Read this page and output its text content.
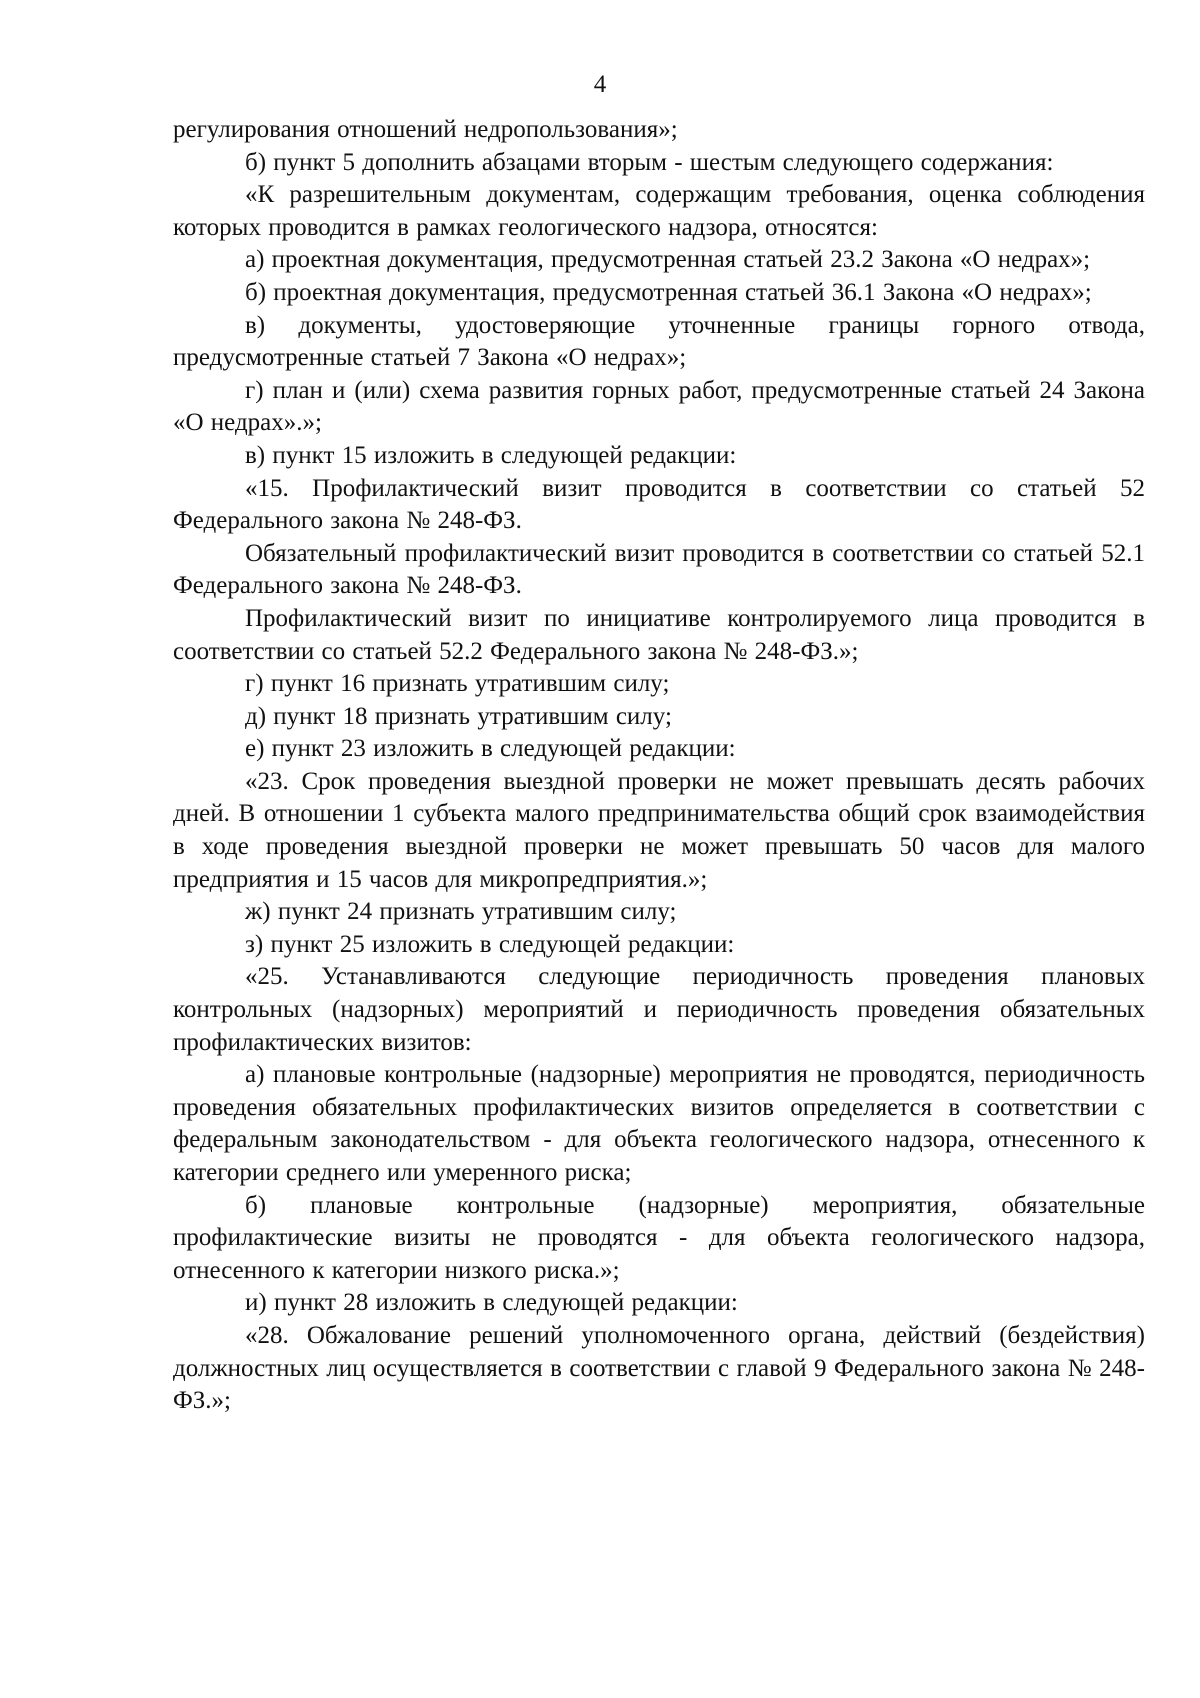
4

регулирования отношений недропользования»;

б) пункт 5 дополнить абзацами вторым - шестым следующего содержания:

«К разрешительным документам, содержащим требования, оценка соблюдения которых проводится в рамках геологического надзора, относятся:

а) проектная документация, предусмотренная статьей 23.2 Закона «О недрах»;

б) проектная документация, предусмотренная статьей 36.1 Закона «О недрах»;

в) документы, удостоверяющие уточненные границы горного отвода, предусмотренные статьей 7 Закона «О недрах»;

г) план и (или) схема развития горных работ, предусмотренные статьей 24 Закона «О недрах».»;

в) пункт 15 изложить в следующей редакции:

«15. Профилактический визит проводится в соответствии со статьей 52 Федерального закона № 248-ФЗ.

Обязательный профилактический визит проводится в соответствии со статьей 52.1 Федерального закона № 248-ФЗ.

Профилактический визит по инициативе контролируемого лица проводится в соответствии со статьей 52.2 Федерального закона № 248-ФЗ.»;

г) пункт 16 признать утратившим силу;

д) пункт 18 признать утратившим силу;

е) пункт 23 изложить в следующей редакции:

«23. Срок проведения выездной проверки не может превышать десять рабочих дней. В отношении 1 субъекта малого предпринимательства общий срок взаимодействия в ходе проведения выездной проверки не может превышать 50 часов для малого предприятия и 15 часов для микропредприятия.»;

ж) пункт 24 признать утратившим силу;

з) пункт 25 изложить в следующей редакции:

«25. Устанавливаются следующие периодичность проведения плановых контрольных (надзорных) мероприятий и периодичность проведения обязательных профилактических визитов:

а) плановые контрольные (надзорные) мероприятия не проводятся, периодичность проведения обязательных профилактических визитов определяется в соответствии с федеральным законодательством - для объекта геологического надзора, отнесенного к категории среднего или умеренного риска;

б) плановые контрольные (надзорные) мероприятия, обязательные профилактические визиты не проводятся - для объекта геологического надзора, отнесенного к категории низкого риска.»;

и) пункт 28 изложить в следующей редакции:

«28. Обжалование решений уполномоченного органа, действий (бездействия) должностных лиц осуществляется в соответствии с главой 9 Федерального закона № 248-ФЗ.»;
